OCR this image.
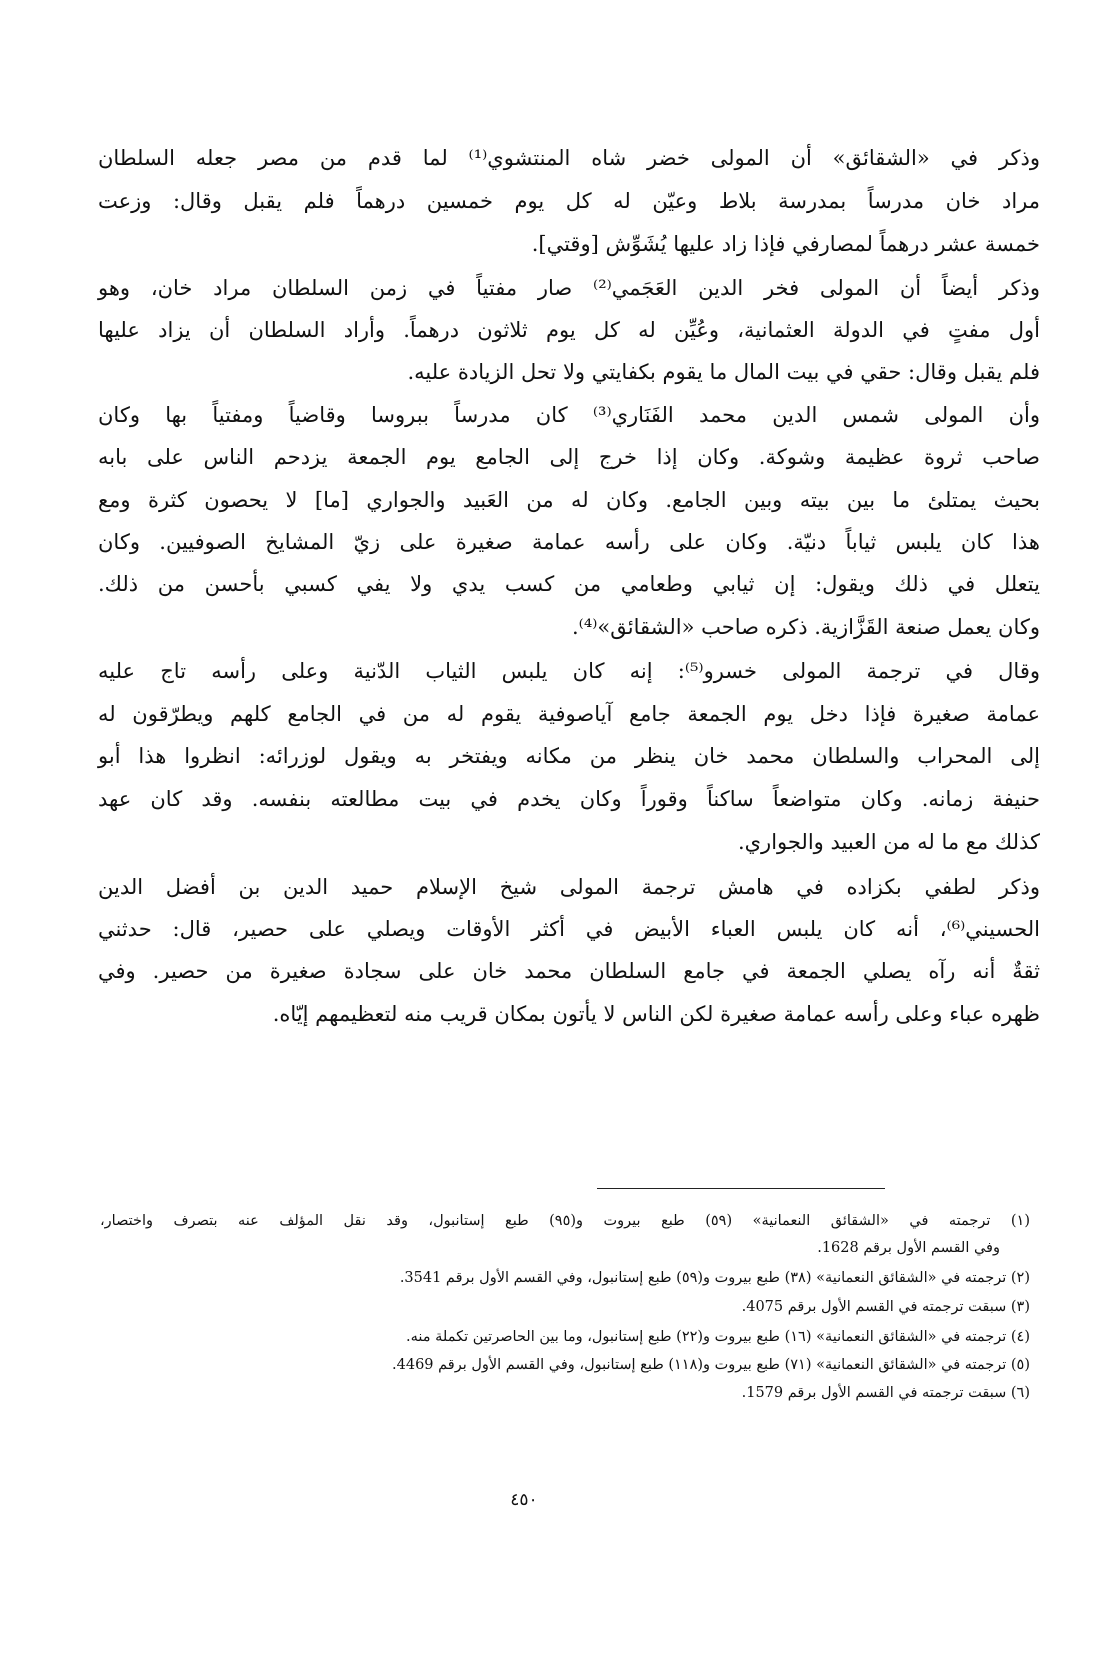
وذكر في «الشقائق» أن المولى خضر شاه المنتشوي⁽¹⁾ لما قدم من مصر جعله السلطان
مراد خان مدرساً بمدرسة بلاط وعيّن له كل يوم خمسين درهماً فلم يقبل وقال: وزعت
خمسة عشر درهماً لمصارفي فإذا زاد عليها يُشَوِّش [وقتي].
وذكر أيضاً أن المولى فخر الدين العَجَمي⁽²⁾ صار مفتياً في زمن السلطان مراد خان، وهو
أول مفتٍ في الدولة العثمانية، وعُيِّن له كل يوم ثلاثون درهماً. وأراد السلطان أن يزاد عليها
فلم يقبل وقال: حقي في بيت المال ما يقوم بكفايتي ولا تحل الزيادة عليه.
وأن المولى شمس الدين محمد الفَنَاري⁽³⁾ كان مدرساً ببروسا وقاضياً ومفتياً بها وكان
صاحب ثروة عظيمة وشوكة. وكان إذا خرج إلى الجامع يوم الجمعة يزدحم الناس على بابه
بحيث يمتلئ ما بين بيته وبين الجامع. وكان له من العَبيد والجواري [ما] لا يحصون كثرة ومع
هذا كان يلبس ثياباً دنيّة. وكان على رأسه عمامة صغيرة على زيّ المشايخ الصوفيين. وكان
يتعلل في ذلك ويقول: إن ثيابي وطعامي من كسب يدي ولا يفي كسبي بأحسن من ذلك.
وكان يعمل صنعة القَزَّازية. ذكره صاحب «الشقائق»⁽⁴⁾.
وقال في ترجمة المولى خسرو⁽⁵⁾: إنه كان يلبس الثياب الدّنية وعلى رأسه تاج عليه
عمامة صغيرة فإذا دخل يوم الجمعة جامع آياصوفية يقوم له من في الجامع كلهم ويطرّقون له
إلى المحراب والسلطان محمد خان ينظر من مكانه ويفتخر به ويقول لوزرائه: انظروا هذا أبو
حنيفة زمانه. وكان متواضعاً ساكناً وقوراً وكان يخدم في بيت مطالعته بنفسه. وقد كان عهد
كذلك مع ما له من العبيد والجواري.
وذكر لطفي بكزاده في هامش ترجمة المولى شيخ الإسلام حميد الدين بن أفضل الدين
الحسيني⁽⁶⁾، أنه كان يلبس العباء الأبيض في أكثر الأوقات ويصلي على حصير، قال: حدثني
ثقةٌ أنه رآه يصلي الجمعة في جامع السلطان محمد خان على سجادة صغيرة من حصير. وفي
ظهره عباء وعلى رأسه عمامة صغيرة لكن الناس لا يأتون بمكان قريب منه لتعظيمهم إيّاه.
(١) ترجمته في «الشقائق النعمانية» (٥٩) طبع بيروت و(٩٥) طبع إستانبول، وقد نقل المؤلف عنه بتصرف واختصار،
وفي القسم الأول برقم 1628.
(٢) ترجمته في «الشقائق النعمانية» (٣٨) طبع بيروت و(٥٩) طبع إستانبول، وفي القسم الأول برقم 3541.
(٣) سبقت ترجمته في القسم الأول برقم 4075.
(٤) ترجمته في «الشقائق النعمانية» (١٦) طبع بيروت و(٢٢) طبع إستانبول، وما بين الحاصرتين تكملة منه.
(٥) ترجمته في «الشقائق النعمانية» (٧١) طبع بيروت و(١١٨) طبع إستانبول، وفي القسم الأول برقم 4469.
(٦) سبقت ترجمته في القسم الأول برقم 1579.
٤٥٠
